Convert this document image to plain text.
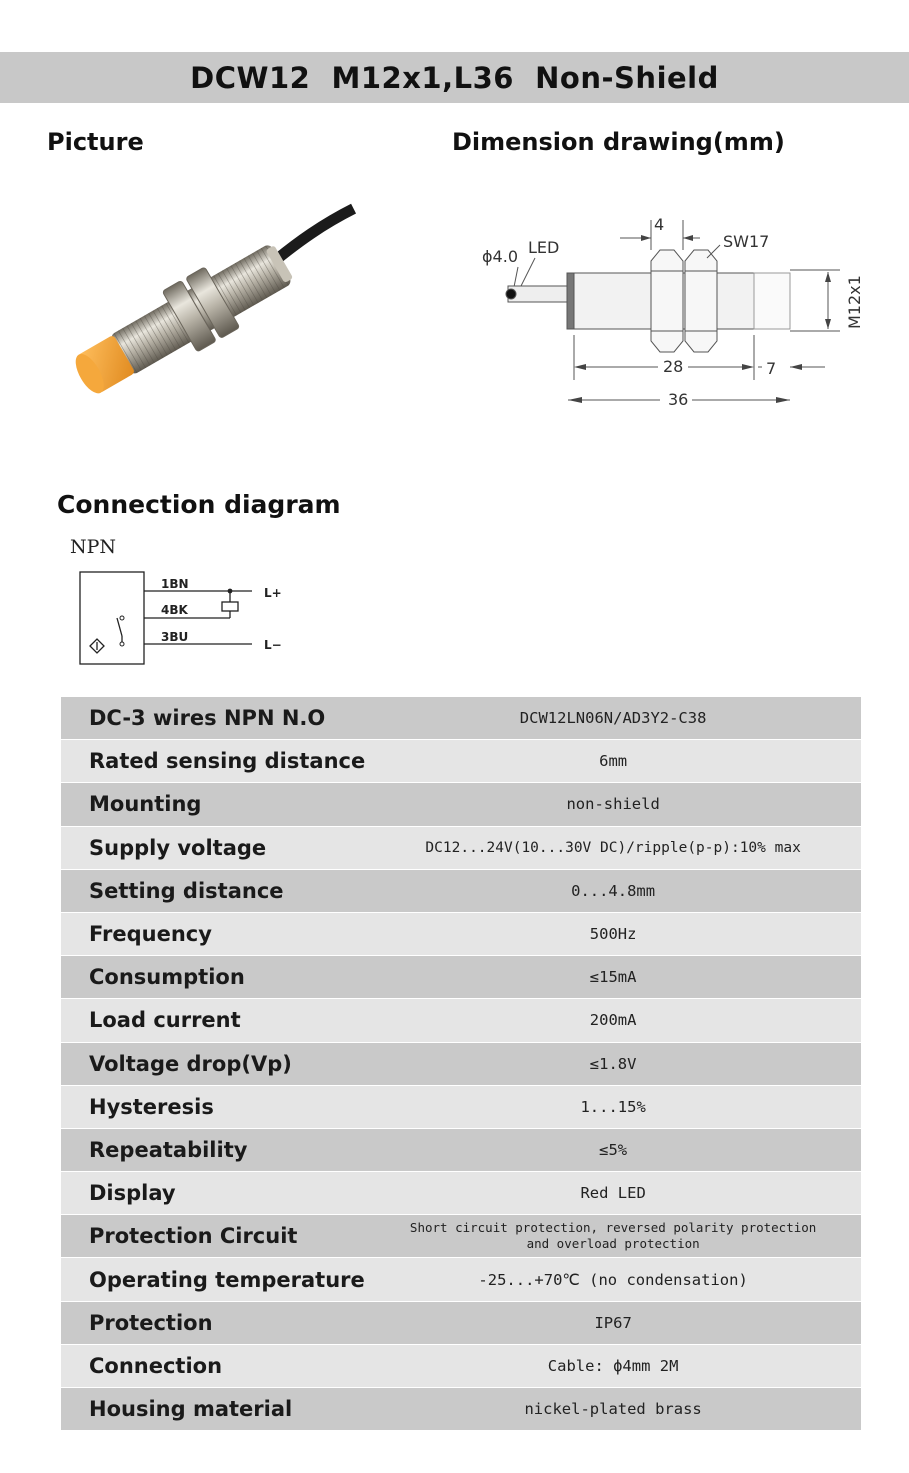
DCW12  M12x1,L36  Non-Shield
Picture	Dimension drawing(mm)
ϕ4.0 LED
4
SW17
28	7
36
M12x1
Connection diagram
NPN
1BN
4BK
3BU
L+
L−
DC-3 wires NPN N.O	DCW12LN06N/AD3Y2-C38
Rated sensing distance	6mm
Mounting	non-shield
Supply voltage	DC12...24V(10...30V DC)/ripple(p-p):10% max
Setting distance	0...4.8mm
Frequency	500Hz
Consumption	≤15mA
Load current	200mA
Voltage drop(Vp)	≤1.8V
Hysteresis	1...15%
Repeatability	≤5%
Display	Red LED
Protection Circuit	Short circuit protection, reversed polarity protection
and overload protection

Operating temperature	-25...+70℃ (no condensation)
Protection	IP67
Connection	Cable: ϕ4mm 2M
Housing material	nickel-plated brass
